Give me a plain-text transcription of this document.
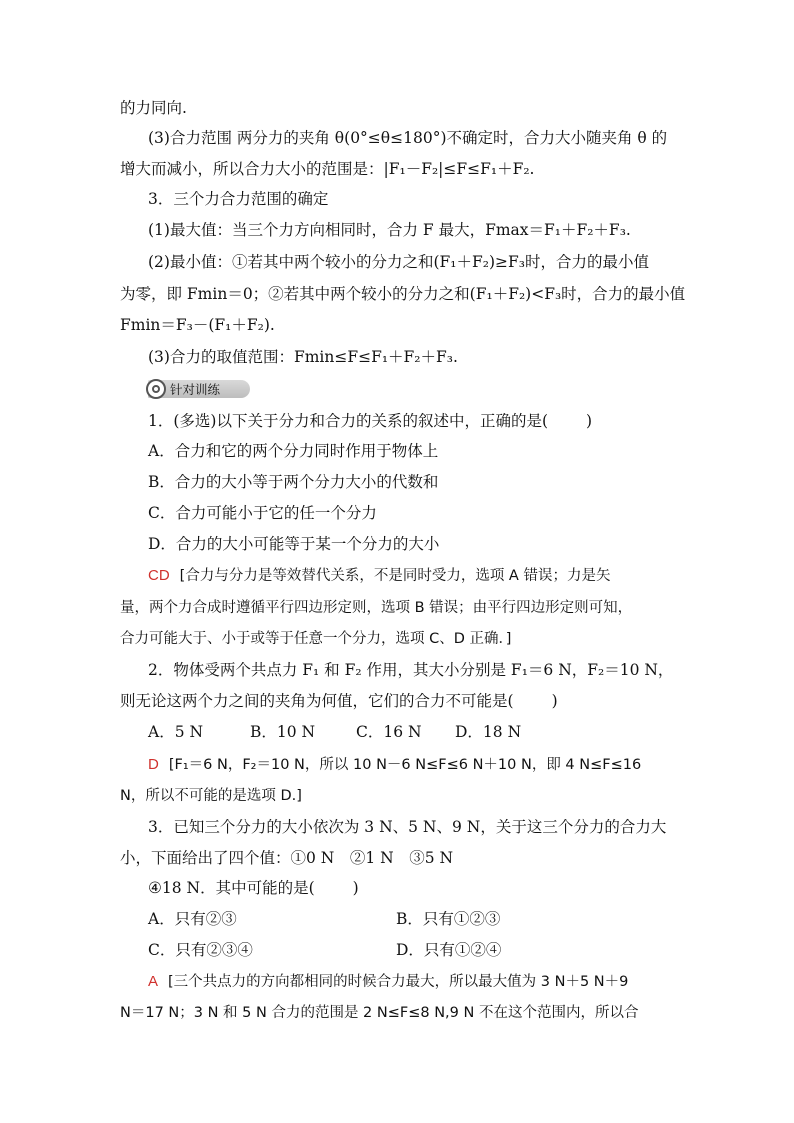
的力同向.
(3)合力范围 两分力的夹角 θ(0°≤θ≤180°)不确定时，合力大小随夹角 θ 的
增大而减小，所以合力大小的范围是：|F₁－F₂|≤F≤F₁＋F₂.
3．三个力合力范围的确定
(1)最大值：当三个力方向相同时，合力 F 最大，Fmax＝F₁＋F₂＋F₃.
(2)最小值：①若其中两个较小的分力之和(F₁＋F₂)≥F₃时，合力的最小值
为零，即 Fmin＝0；②若其中两个较小的分力之和(F₁＋F₂)<F₃时，合力的最小值
Fmin＝F₃－(F₁＋F₂).
(3)合力的取值范围：Fmin≤F≤F₁＋F₂＋F₃.
针对训练
1．(多选)以下关于分力和合力的关系的叙述中，正确的是( )
A．合力和它的两个分力同时作用于物体上
B．合力的大小等于两个分力大小的代数和
C．合力可能小于它的任一个分力
D．合力的大小可能等于某一个分力的大小
CD [合力与分力是等效替代关系，不是同时受力，选项 A 错误；力是矢
量，两个力合成时遵循平行四边形定则，选项 B 错误；由平行四边形定则可知，
合力可能大于、小于或等于任意一个分力，选项 C、D 正确．]
2．物体受两个共点力 F₁ 和 F₂ 作用，其大小分别是 F₁＝6 N，F₂＝10 N，
则无论这两个力之间的夹角为何值，它们的合力不可能是( )
A．5 N	B．10 N	C．16 N D．18 N
D [F₁＝6 N，F₂＝10 N，所以 10 N－6 N≤F≤6 N＋10 N，即 4 N≤F≤16
N，所以不可能的是选项 D.]
3．已知三个分力的大小依次为 3 N、5 N、9 N，关于这三个分力的合力大
小，下面给出了四个值：①0 N　②1 N　③5 N
④18 N．其中可能的是( )
A．只有②③	B．只有①②③
C．只有②③④	D．只有①②④
A [三个共点力的方向都相同的时候合力最大，所以最大值为 3 N＋5 N＋9
N＝17 N；3 N 和 5 N 合力的范围是 2 N≤F≤8 N,9 N 不在这个范围内，所以合
